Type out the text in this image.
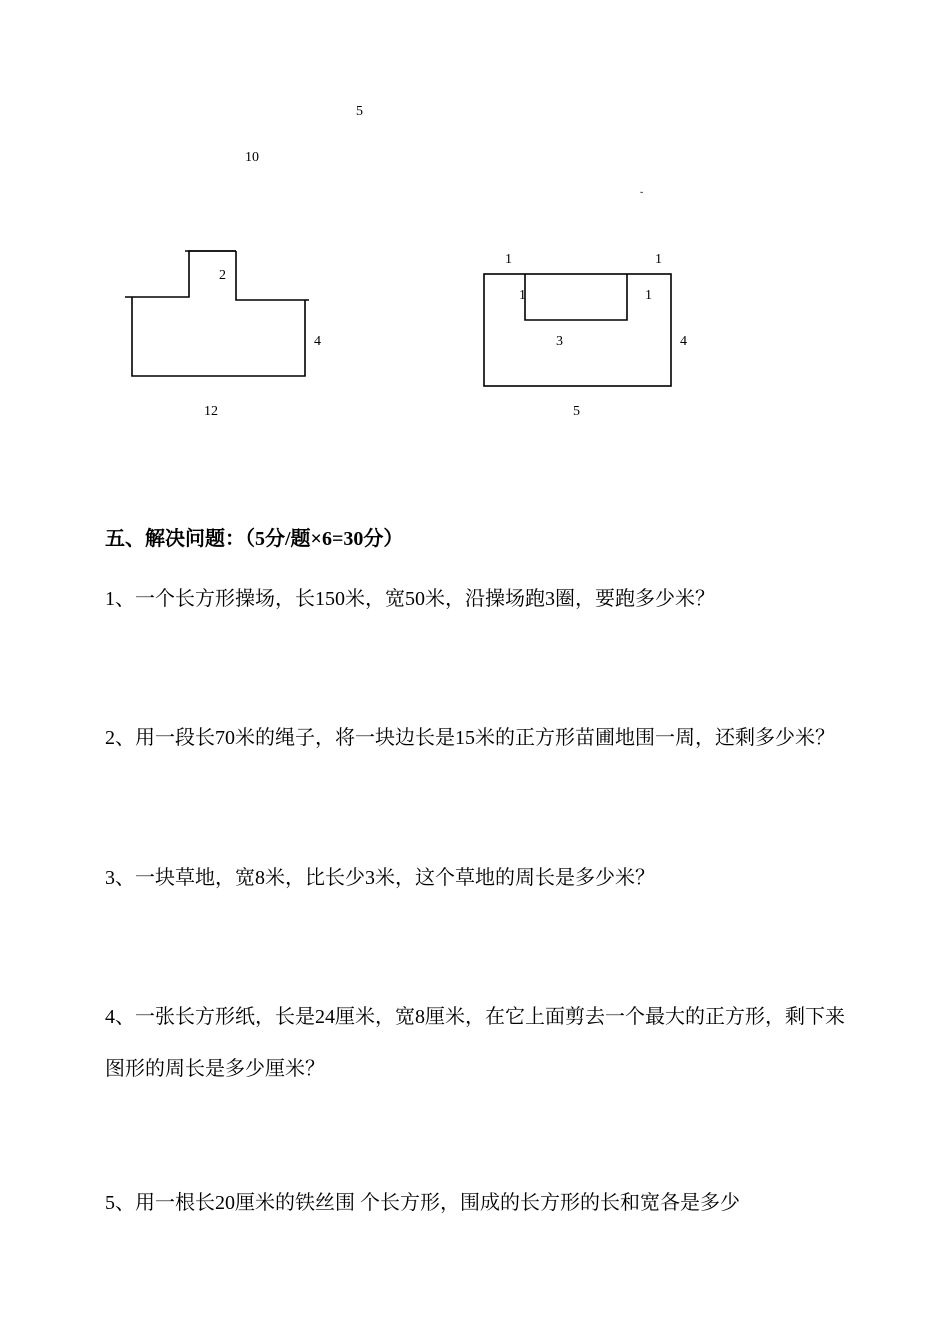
5
10
2
4
12
˘
1	1
1	1
3	4
5
五、解决问题：（5分/题×6=30分）
1、一个长方形操场，长150米，宽50米，沿操场跑3圈，要跑多少米？
2、用一段长70米的绳子，将一块边长是15米的正方形苗圃地围一周，还剩多少米？
3、一块草地，宽8米，比长少3米，这个草地的周长是多少米？
4、一张长方形纸，长是24厘米，宽8厘米，在它上面剪去一个最大的正方形，剩下来图形的周长是多少厘米？
5、用一根长20厘米的铁丝围 个长方形，围成的长方形的长和宽各是多少
